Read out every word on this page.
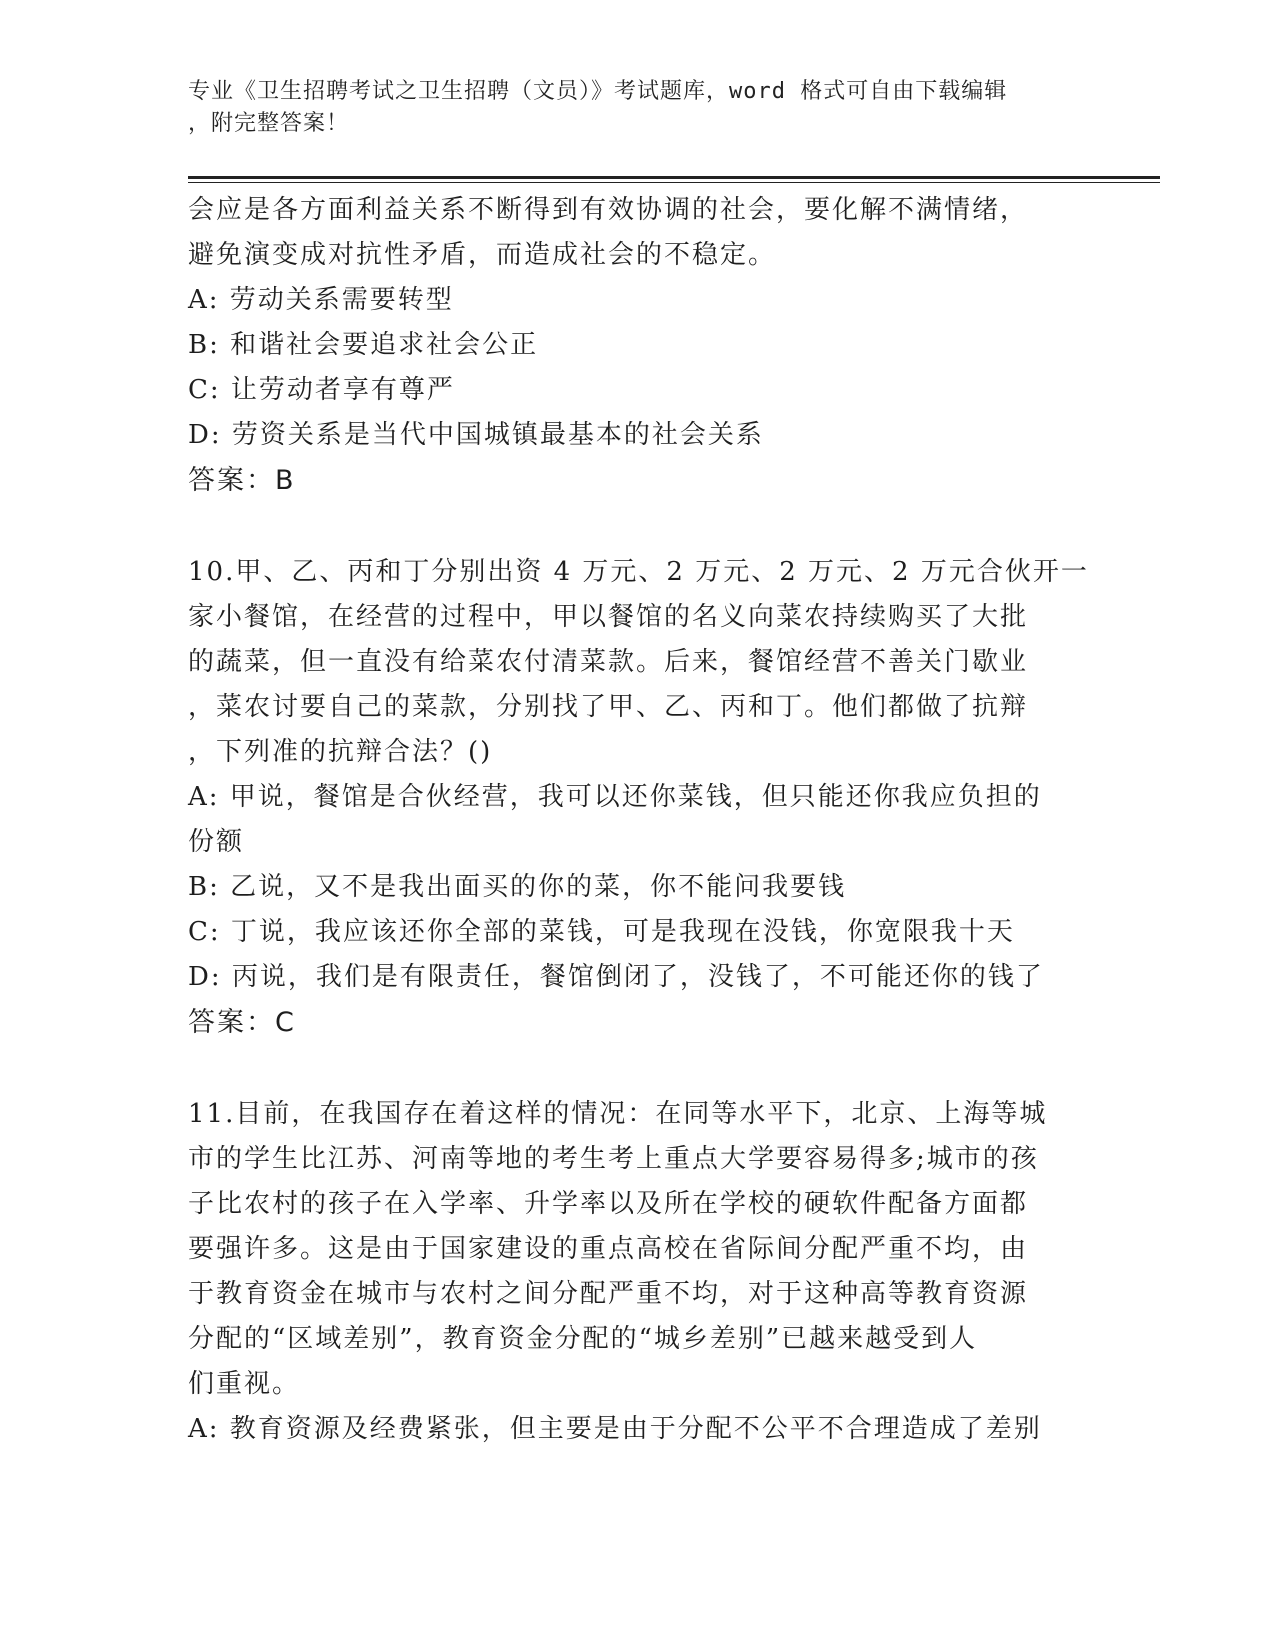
专业《卫生招聘考试之卫生招聘（文员）》考试题库，word 格式可自由下载编辑
，附完整答案！
会应是各方面利益关系不断得到有效协调的社会，要化解不满情绪，
避免演变成对抗性矛盾，而造成社会的不稳定。
A: 劳动关系需要转型
B: 和谐社会要追求社会公正
C: 让劳动者享有尊严
D: 劳资关系是当代中国城镇最基本的社会关系
答案：B
10.甲、乙、丙和丁分别出资 4 万元、2 万元、2 万元、2 万元合伙开一
家小餐馆，在经营的过程中，甲以餐馆的名义向菜农持续购买了大批
的蔬菜，但一直没有给菜农付清菜款。后来，餐馆经营不善关门歇业
，菜农讨要自己的菜款，分别找了甲、乙、丙和丁。他们都做了抗辩
，下列准的抗辩合法？()
A: 甲说，餐馆是合伙经营，我可以还你菜钱，但只能还你我应负担的
份额
B: 乙说，又不是我出面买的你的菜，你不能问我要钱
C: 丁说，我应该还你全部的菜钱，可是我现在没钱，你宽限我十天
D: 丙说，我们是有限责任，餐馆倒闭了，没钱了，不可能还你的钱了
答案：C
11.目前，在我国存在着这样的情况：在同等水平下，北京、上海等城
市的学生比江苏、河南等地的考生考上重点大学要容易得多;城市的孩
子比农村的孩子在入学率、升学率以及所在学校的硬软件配备方面都
要强许多。这是由于国家建设的重点高校在省际间分配严重不均，由
于教育资金在城市与农村之间分配严重不均，对于这种高等教育资源
分配的“区域差别”，教育资金分配的“城乡差别”已越来越受到人
们重视。
A: 教育资源及经费紧张，但主要是由于分配不公平不合理造成了差别
